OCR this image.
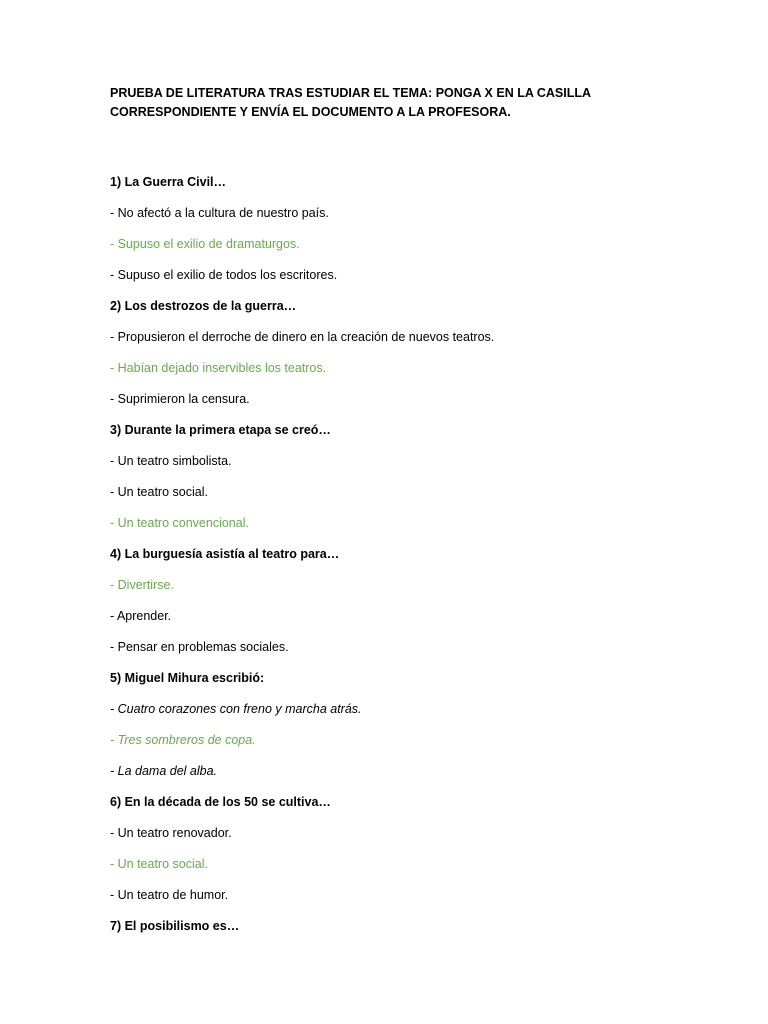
PRUEBA DE LITERATURA TRAS ESTUDIAR EL TEMA: PONGA X EN LA CASILLA
CORRESPONDIENTE Y ENVÍA EL DOCUMENTO A LA PROFESORA.

1) La Guerra Civil…

- No afectó a la cultura de nuestro país.

- Supuso el exilio de dramaturgos.

- Supuso el exilio de todos los escritores.

2) Los destrozos de la guerra…

- Propusieron el derroche de dinero en la creación de nuevos teatros.

- Habían dejado inservibles los teatros.

- Suprimieron la censura.

3) Durante la primera etapa se creó…

- Un teatro simbolista.

- Un teatro social.

- Un teatro convencional.

4) La burguesía asistía al teatro para…

- Divertirse.

- Aprender.

- Pensar en problemas sociales.

5) Miguel Mihura escribió:

- Cuatro corazones con freno y marcha atrás.

- Tres sombreros de copa.

- La dama del alba.

6) En la década de los 50 se cultiva…

- Un teatro renovador.

- Un teatro social.

- Un teatro de humor.

7) El posibilismo es…
